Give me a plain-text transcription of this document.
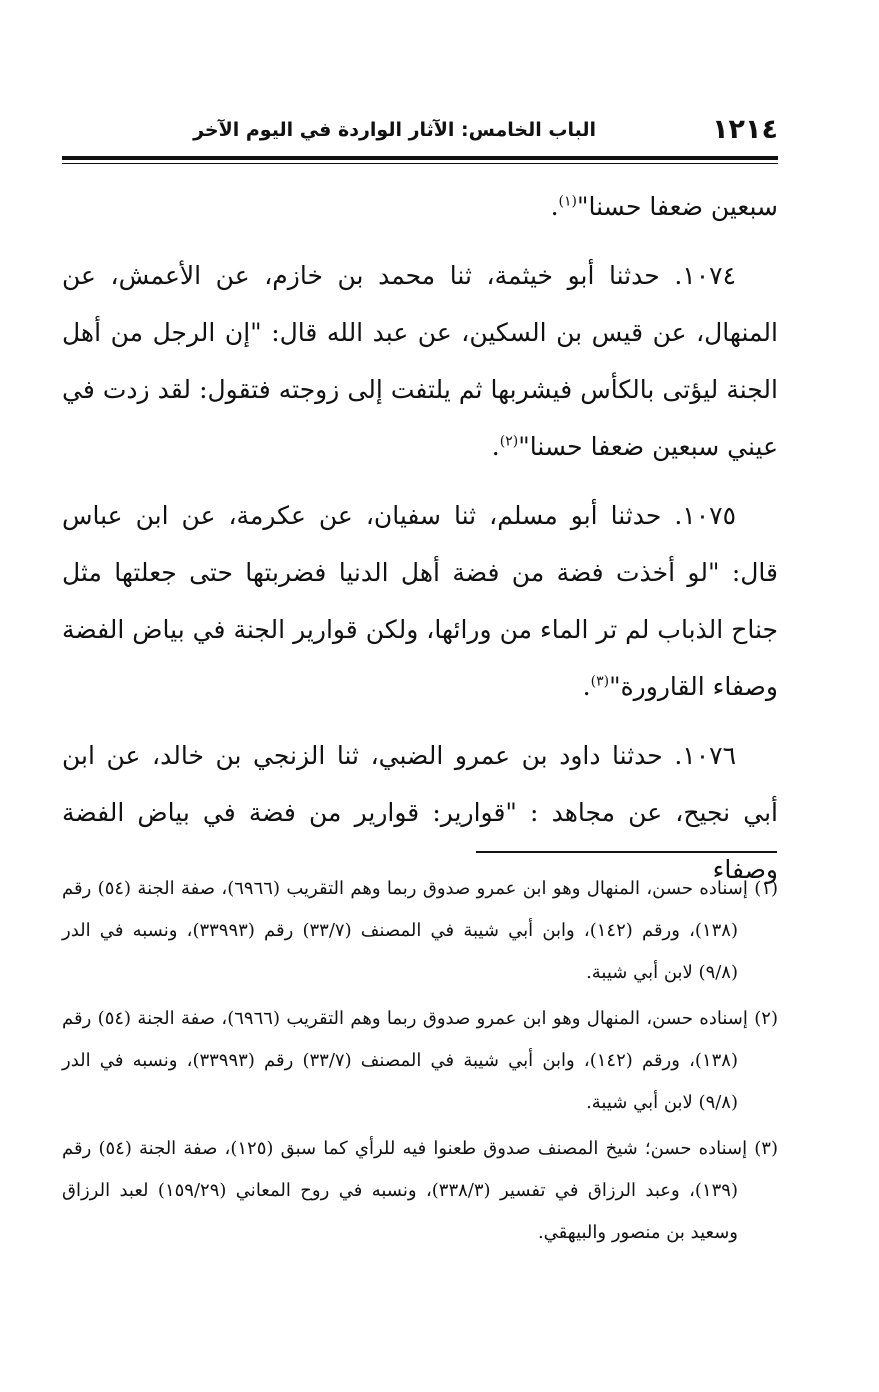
١٢١٤
الباب الخامس: الآثار الواردة في اليوم الآخر

سبعين ضعفا حسنا"$^{(١)}$.

١٠٧٤. حدثنا أبو خيثمة، ثنا محمد بن خازم، عن الأعمش، عن المنهال، عن قيس بن السكين، عن عبد الله قال: "إن الرجل من أهل الجنة ليؤتى بالكأس فيشربها ثم يلتفت إلى زوجته فتقول: لقد زدت في عيني سبعين ضعفا حسنا"$^{(٢)}$.

١٠٧٥. حدثنا أبو مسلم، ثنا سفيان، عن عكرمة، عن ابن عباس قال: "لو أخذت فضة من فضة أهل الدنيا فضربتها حتى جعلتها مثل جناح الذباب لم تر الماء من ورائها، ولكن قوارير الجنة في بياض الفضة وصفاء القارورة"$^{(٣)}$.

١٠٧٦. حدثنا داود بن عمرو الضبي، ثنا الزنجي بن خالد، عن ابن أبي نجيح، عن مجاهد : "قوارير: قوارير من فضة في بياض الفضة وصفاء

(١) إسناده حسن، المنهال وهو ابن عمرو صدوق ربما وهم التقريب (٦٩٦٦)، صفة الجنة (٥٤) رقم (١٣٨)، ورقم (١٤٢)، وابن أبي شيبة في المصنف (٣٣/٧) رقم (٣٣٩٩٣)، ونسبه في الدر (٩/٨) لابن أبي شيبة.

(٢) إسناده حسن، المنهال وهو ابن عمرو صدوق ربما وهم التقريب (٦٩٦٦)، صفة الجنة (٥٤) رقم (١٣٨)، ورقم (١٤٢)، وابن أبي شيبة في المصنف (٣٣/٧) رقم (٣٣٩٩٣)، ونسبه في الدر (٩/٨) لابن أبي شيبة.

(٣) إسناده حسن؛ شيخ المصنف صدوق طعنوا فيه للرأي كما سبق (١٢٥)، صفة الجنة (٥٤) رقم (١٣٩)، وعبد الرزاق في تفسير (٣٣٨/٣)، ونسبه في روح المعاني (١٥٩/٢٩) لعبد الرزاق وسعيد بن منصور والبيهقي.
